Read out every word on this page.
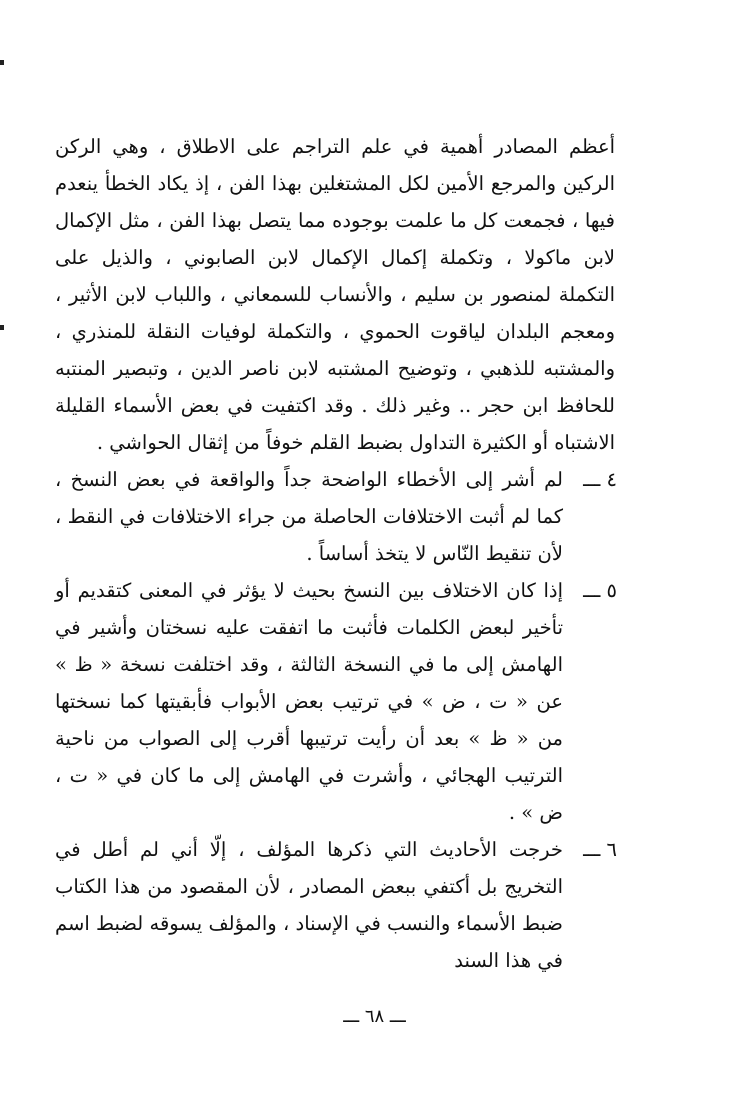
أعظم المصادر أهمية في علم التراجم على الاطلاق ، وهي الركن الركين والمرجع الأمين لكل المشتغلين بهذا الفن ، إذ يكاد الخطأ ينعدم فيها ، فجمعت كل ما علمت بوجوده مما يتصل بهذا الفن ، مثل الإكمال لابن ماكولا ، وتكملة إكمال الإكمال لابن الصابوني ، والذيل على التكملة لمنصور بن سليم ، والأنساب للسمعاني ، واللباب لابن الأثير ، ومعجم البلدان لياقوت الحموي ، والتكملة لوفيات النقلة للمنذري ، والمشتبه للذهبي ، وتوضيح المشتبه لابن ناصر الدين ، وتبصير المنتبه للحافظ ابن حجر .. وغير ذلك . وقد اكتفيت في بعض الأسماء القليلة الاشتباه أو الكثيرة التداول بضبط القلم خوفاً من إثقال الحواشي .

٤ ـــ
لم أشر إلى الأخطاء الواضحة جداً والواقعة في بعض النسخ ، كما لم أثبت الاختلافات الحاصلة من جراء الاختلافات في النقط ، لأن تنقيط النّاس لا يتخذ أساساً .
٥ ـــ
إذا كان الاختلاف بين النسخ بحيث لا يؤثر في المعنى كتقديم أو تأخير لبعض الكلمات فأثبت ما اتفقت عليه نسختان وأشير في الهامش إلى ما في النسخة الثالثة ، وقد اختلفت نسخة « ظ » عن « ت ، ض » في ترتيب بعض الأبواب فأبقيتها كما نسختها من « ظ » بعد أن رأيت ترتيبها أقرب إلى الصواب من ناحية الترتيب الهجائي ، وأشرت في الهامش إلى ما كان في « ت ، ض » .
٦ ـــ
خرجت الأحاديث التي ذكرها المؤلف ، إلّا أني لم أطل في التخريج بل أكتفي ببعض المصادر ، لأن المقصود من هذا الكتاب ضبط الأسماء والنسب في الإسناد ، والمؤلف يسوقه لضبط اسم في هذا السند
ـــ ٦٨ ـــ
